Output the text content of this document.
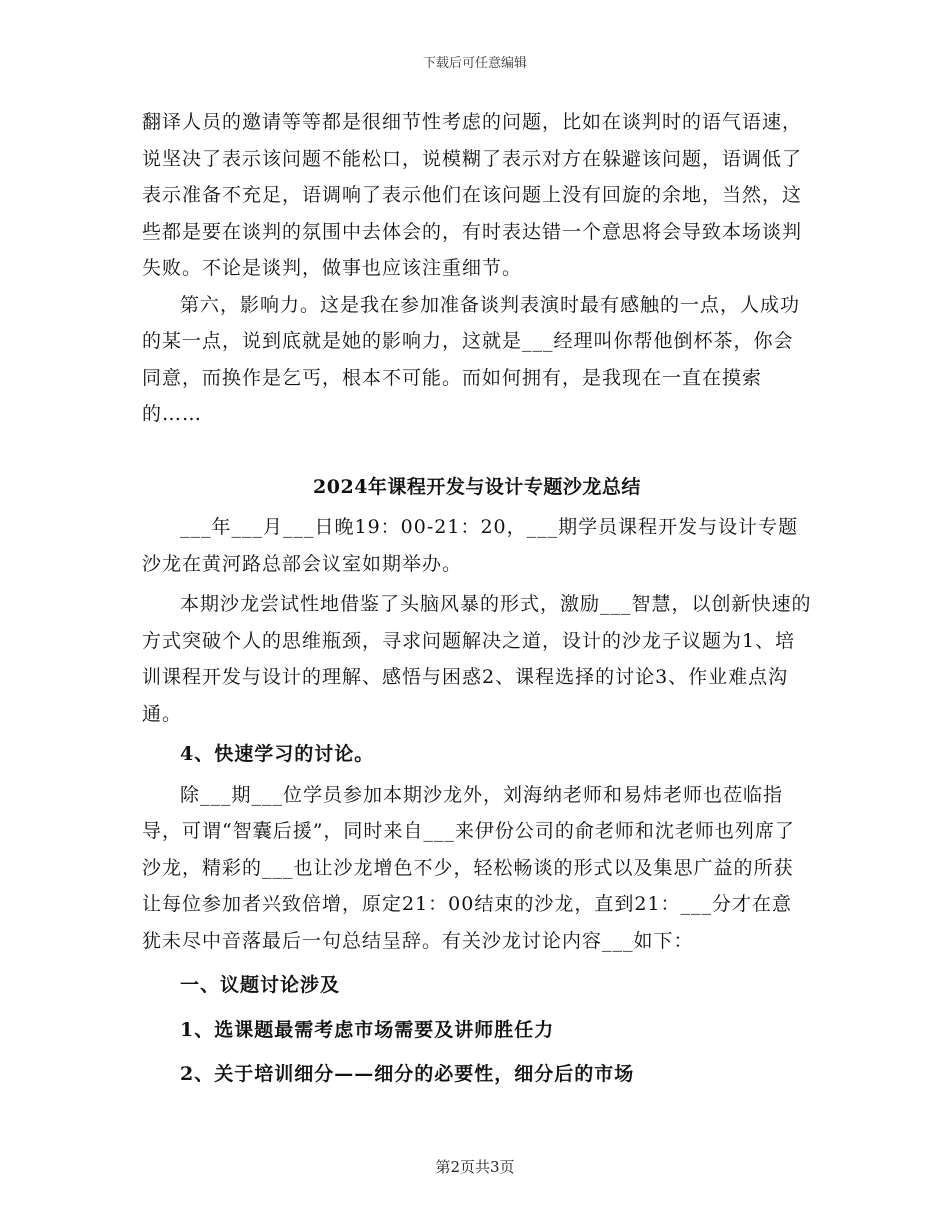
下载后可任意编辑

翻译人员的邀请等等都是很细节性考虑的问题，比如在谈判时的语气语速，说坚决了表示该问题不能松口，说模糊了表示对方在躲避该问题，语调低了表示准备不充足，语调响了表示他们在该问题上没有回旋的余地，当然，这些都是要在谈判的氛围中去体会的，有时表达错一个意思将会导致本场谈判失败。不论是谈判，做事也应该注重细节。

第六，影响力。这是我在参加准备谈判表演时最有感触的一点，人成功的某一点，说到底就是她的影响力，这就是___经理叫你帮他倒杯茶，你会同意，而换作是乞丐，根本不可能。而如何拥有，是我现在一直在摸索的……

2024年课程开发与设计专题沙龙总结

___年___月___日晚19：00-21：20，___期学员课程开发与设计专题沙龙在黄河路总部会议室如期举办。

本期沙龙尝试性地借鉴了头脑风暴的形式，激励___智慧，以创新快速的方式突破个人的思维瓶颈，寻求问题解决之道，设计的沙龙子议题为1、培训课程开发与设计的理解、感悟与困惑2、课程选择的讨论3、作业难点沟通。

4、快速学习的讨论。

除___期___位学员参加本期沙龙外，刘海纳老师和易炜老师也莅临指导，可谓“智囊后援”，同时来自___来伊份公司的俞老师和沈老师也列席了沙龙，精彩的___也让沙龙增色不少，轻松畅谈的形式以及集思广益的所获让每位参加者兴致倍增，原定21：00结束的沙龙，直到21：___分才在意犹未尽中音落最后一句总结呈辞。有关沙龙讨论内容___如下：

一、议题讨论涉及

1、选课题最需考虑市场需要及讲师胜任力

2、关于培训细分——细分的必要性，细分后的市场

第2页共3页
